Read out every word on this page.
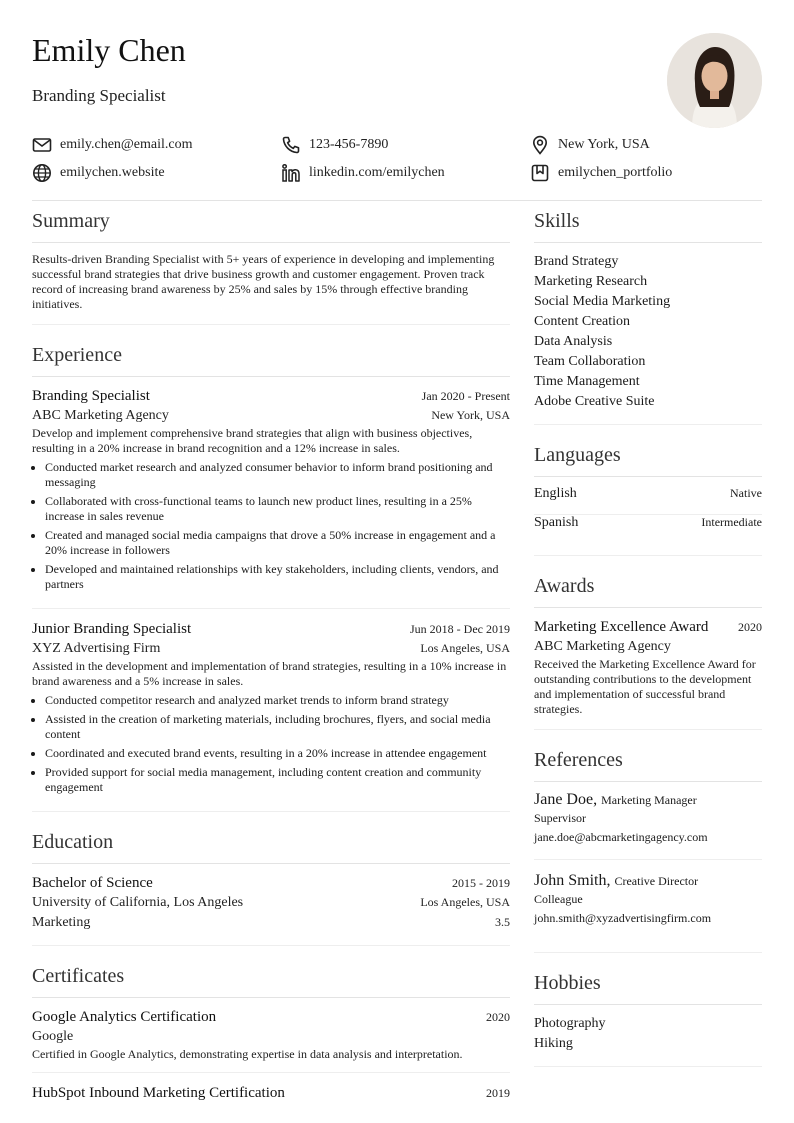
Emily Chen
Branding Specialist
emily.chen@email.com	123-456-7890	New York, USA
emilychen.website	linkedin.com/emilychen	emilychen_portfolio
Summary
Results-driven Branding Specialist with 5+ years of experience in developing and implementing successful brand strategies that drive business growth and customer engagement. Proven track record of increasing brand awareness by 25% and sales by 15% through effective branding initiatives.
Experience
Branding Specialist	Jan 2020 - Present
ABC Marketing Agency	New York, USA
Develop and implement comprehensive brand strategies that align with business objectives, resulting in a 20% increase in brand recognition and a 12% increase in sales.
• Conducted market research and analyzed consumer behavior to inform brand positioning and messaging
• Collaborated with cross-functional teams to launch new product lines, resulting in a 25% increase in sales revenue
• Created and managed social media campaigns that drove a 50% increase in engagement and a 20% increase in followers
• Developed and maintained relationships with key stakeholders, including clients, vendors, and partners
Junior Branding Specialist	Jun 2018 - Dec 2019
XYZ Advertising Firm	Los Angeles, USA
Assisted in the development and implementation of brand strategies, resulting in a 10% increase in brand awareness and a 5% increase in sales.
• Conducted competitor research and analyzed market trends to inform brand strategy
• Assisted in the creation of marketing materials, including brochures, flyers, and social media content
• Coordinated and executed brand events, resulting in a 20% increase in attendee engagement
• Provided support for social media management, including content creation and community engagement
Education
Bachelor of Science	2015 - 2019
University of California, Los Angeles	Los Angeles, USA
Marketing	3.5
Certificates
Google Analytics Certification	2020
Google
Certified in Google Analytics, demonstrating expertise in data analysis and interpretation.
HubSpot Inbound Marketing Certification	2019
Skills
Brand Strategy
Marketing Research
Social Media Marketing
Content Creation
Data Analysis
Team Collaboration
Time Management
Adobe Creative Suite
Languages
English	Native
Spanish	Intermediate
Awards
Marketing Excellence Award 2020
ABC Marketing Agency
Received the Marketing Excellence Award for outstanding contributions to the development and implementation of successful brand strategies.
References
Jane Doe, Marketing Manager
Supervisor
jane.doe@abcmarketingagency.com
John Smith, Creative Director
Colleague
john.smith@xyzadvertisingfirm.com
Hobbies
Photography
Hiking
